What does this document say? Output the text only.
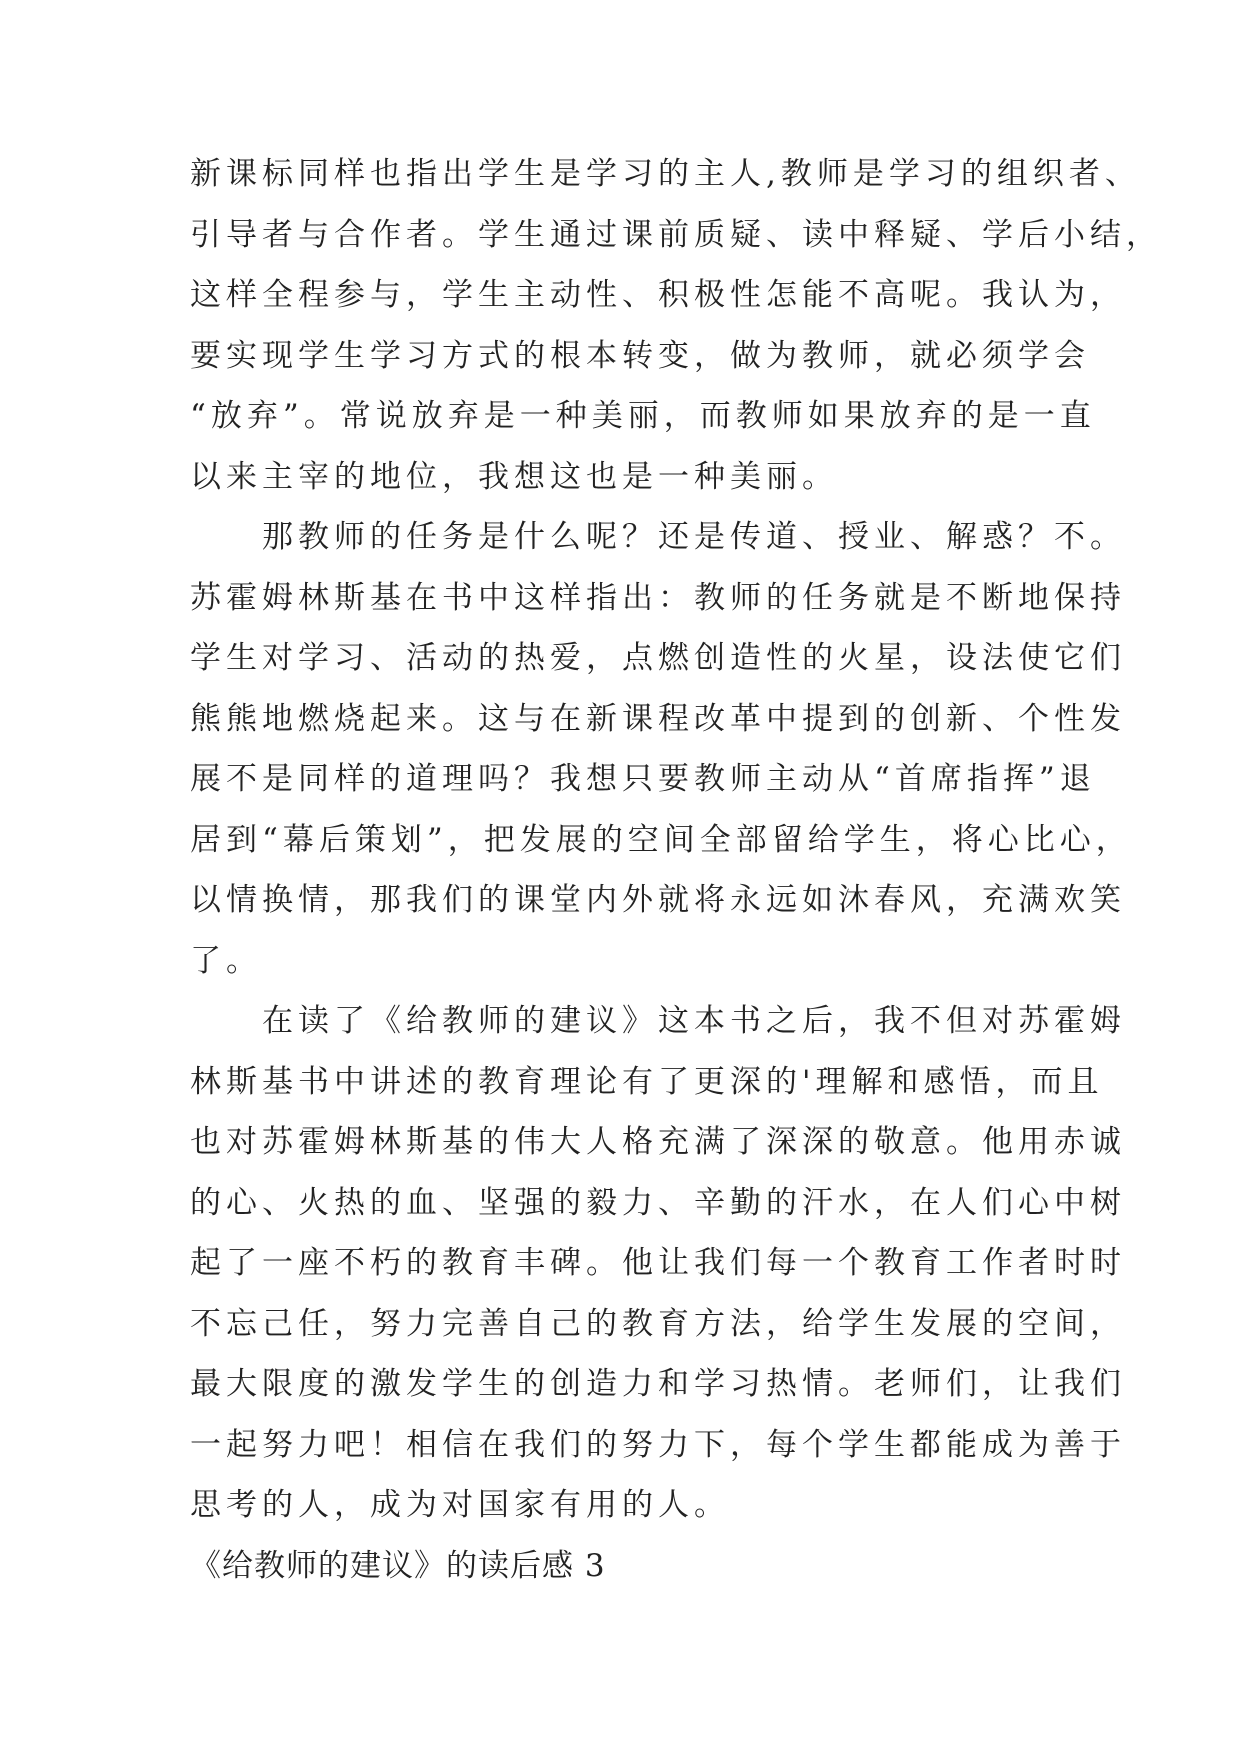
新课标同样也指出学生是学习的主人,教师是学习的组织者、
引导者与合作者。学生通过课前质疑、读中释疑、学后小结，
这样全程参与，学生主动性、积极性怎能不高呢。我认为，
要实现学生学习方式的根本转变，做为教师，就必须学会
“放弃”。常说放弃是一种美丽，而教师如果放弃的是一直
以来主宰的地位，我想这也是一种美丽。
　　那教师的任务是什么呢？还是传道、授业、解惑？不。
苏霍姆林斯基在书中这样指出：教师的任务就是不断地保持
学生对学习、活动的热爱，点燃创造性的火星，设法使它们
熊熊地燃烧起来。这与在新课程改革中提到的创新、个性发
展不是同样的道理吗？我想只要教师主动从“首席指挥”退
居到“幕后策划”，把发展的空间全部留给学生，将心比心，
以情换情，那我们的课堂内外就将永远如沐春风，充满欢笑
了。
　　在读了《给教师的建议》这本书之后，我不但对苏霍姆
林斯基书中讲述的教育理论有了更深的'理解和感悟，而且
也对苏霍姆林斯基的伟大人格充满了深深的敬意。他用赤诚
的心、火热的血、坚强的毅力、辛勤的汗水，在人们心中树
起了一座不朽的教育丰碑。他让我们每一个教育工作者时时
不忘己任，努力完善自己的教育方法，给学生发展的空间，
最大限度的激发学生的创造力和学习热情。老师们，让我们
一起努力吧！相信在我们的努力下，每个学生都能成为善于
思考的人，成为对国家有用的人。
《给教师的建议》的读后感 3
